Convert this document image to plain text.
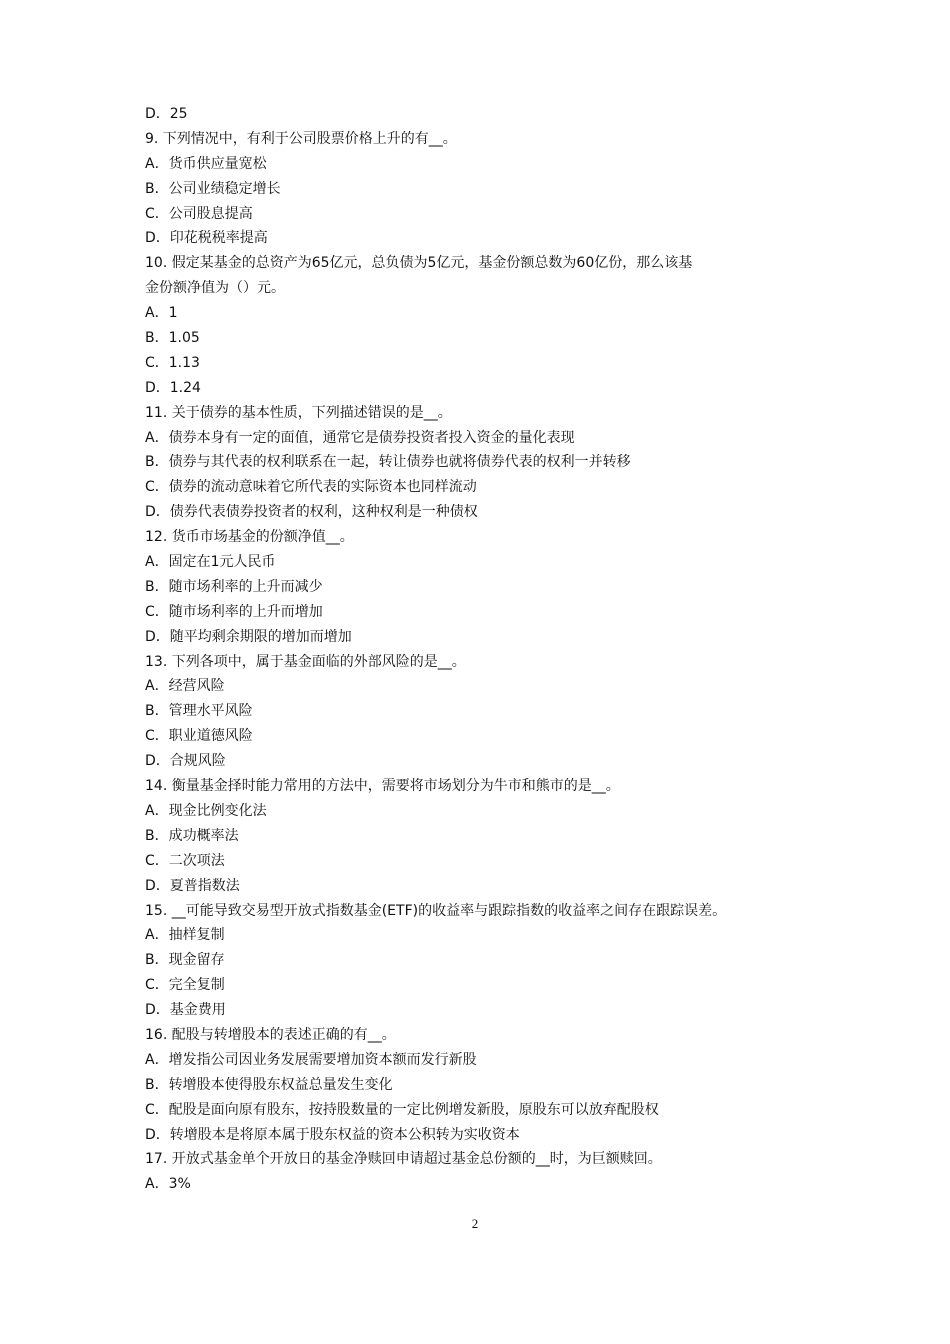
D．25
9. 下列情况中，有利于公司股票价格上升的有__。
A．货币供应量宽松
B．公司业绩稳定增长
C．公司股息提高
D．印花税税率提高
10. 假定某基金的总资产为65亿元，总负债为5亿元，基金份额总数为60亿份，那么该基
金份额净值为（）元。
A．1
B．1.05
C．1.13
D．1.24
11. 关于债券的基本性质，下列描述错误的是__。
A．债券本身有一定的面值，通常它是债券投资者投入资金的量化表现
B．债券与其代表的权利联系在一起，转让债券也就将债券代表的权利一并转移
C．债券的流动意味着它所代表的实际资本也同样流动
D．债券代表债券投资者的权利，这种权利是一种债权
12. 货币市场基金的份额净值__。
A．固定在1元人民币
B．随市场利率的上升而减少
C．随市场利率的上升而增加
D．随平均剩余期限的增加而增加
13. 下列各项中，属于基金面临的外部风险的是__。
A．经营风险
B．管理水平风险
C．职业道德风险
D．合规风险
14. 衡量基金择时能力常用的方法中，需要将市场划分为牛市和熊市的是__。
A．现金比例变化法
B．成功概率法
C．二次项法
D．夏普指数法
15. __可能导致交易型开放式指数基金(ETF)的收益率与跟踪指数的收益率之间存在跟踪误差。
A．抽样复制
B．现金留存
C．完全复制
D．基金费用
16. 配股与转增股本的表述正确的有__。
A．增发指公司因业务发展需要增加资本额而发行新股
B．转增股本使得股东权益总量发生变化
C．配股是面向原有股东，按持股数量的一定比例增发新股，原股东可以放弃配股权
D．转增股本是将原本属于股东权益的资本公积转为实收资本
17. 开放式基金单个开放日的基金净赎回申请超过基金总份额的__时，为巨额赎回。
A．3%
2
